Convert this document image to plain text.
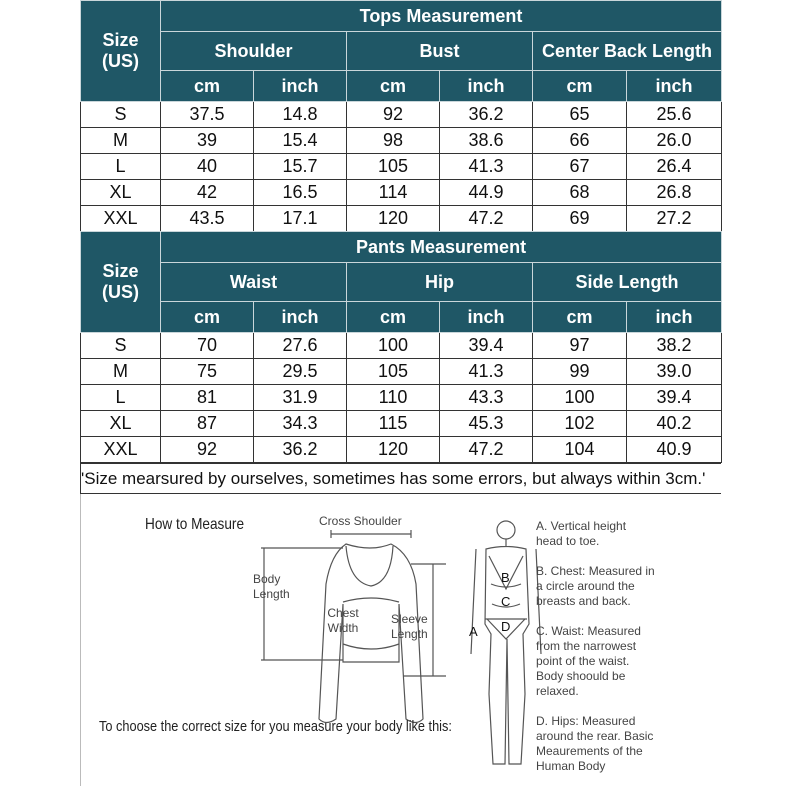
Size
(US)	Tops Measurement					
	Shoulder		Bust		Center Back Length	
	cm	inch	cm	inch	cm	inch
S	37.5	14.8	92	36.2	65	25.6
M	39	15.4	98	38.6	66	26.0
L	40	15.7	105	41.3	67	26.4
XL	42	16.5	114	44.9	68	26.8
XXL	43.5	17.1	120	47.2	69	27.2
Size
(US)	Pants Measurement					
	Waist		Hip		Side Length	
	cm	inch	cm	inch	cm	inch
S	70	27.6	100	39.4	97	38.2
M	75	29.5	105	41.3	99	39.0
L	81	31.9	110	43.3	100	39.4
XL	87	34.3	115	45.3	102	40.2
XXL	92	36.2	120	47.2	104	40.9
'Size mearsured by ourselves, sometimes has some errors, but always within 3cm.'
How to Measure	Cross Shoulder
Body Length
Chest Width
Sleeve Length
To choose the correct size for you measure your body like this:
A
B
C
D
A. Vertical height head to toe.
B. Chest: Measured in a circle around the breasts and back.
C. Waist: Measured from the narrowest point of the waist. Body shoould be relaxed.
D. Hips: Measured around the rear. Basic Meaurements of the Human Body
